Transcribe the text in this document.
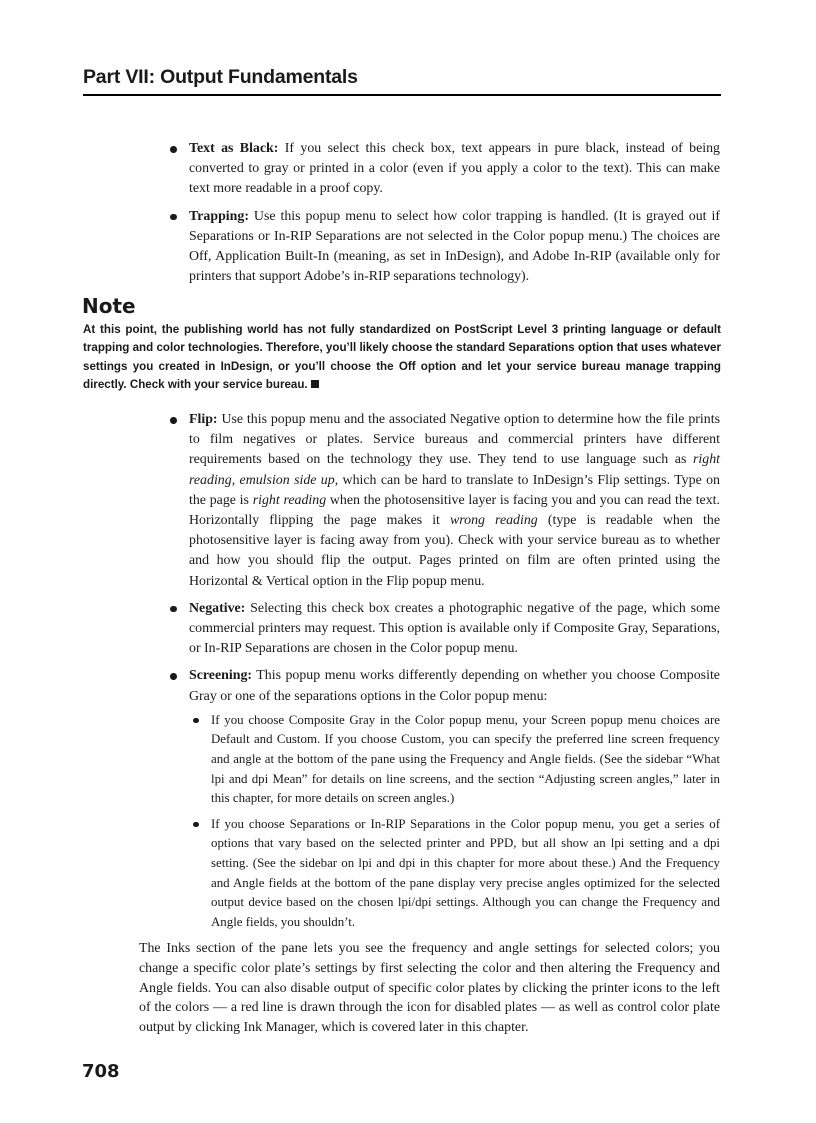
Part VII: Output Fundamentals
Text as Black: If you select this check box, text appears in pure black, instead of being converted to gray or printed in a color (even if you apply a color to the text). This can make text more readable in a proof copy.
Trapping: Use this popup menu to select how color trapping is handled. (It is grayed out if Separations or In-RIP Separations are not selected in the Color popup menu.) The choices are Off, Application Built-In (meaning, as set in InDesign), and Adobe In-RIP (available only for printers that support Adobe’s in-RIP separations technology).
Note

At this point, the publishing world has not fully standardized on PostScript Level 3 printing language or default trapping and color technologies. Therefore, you’ll likely choose the standard Separations option that uses whatever settings you created in InDesign, or you’ll choose the Off option and let your service bureau manage trapping directly. Check with your service bureau.

Flip: Use this popup menu and the associated Negative option to determine how the file prints to film negatives or plates. Service bureaus and commercial printers have different requirements based on the technology they use. They tend to use language such as right reading, emulsion side up, which can be hard to translate to InDesign’s Flip settings. Type on the page is right reading when the photosensitive layer is facing you and you can read the text. Horizontally flipping the page makes it wrong reading (type is readable when the photosensitive layer is facing away from you). Check with your service bureau as to whether and how you should flip the output. Pages printed on film are often printed using the Horizontal & Vertical option in the Flip popup menu.
Negative: Selecting this check box creates a photographic negative of the page, which some commercial printers may request. This option is available only if Composite Gray, Separations, or In-RIP Separations are chosen in the Color popup menu.
Screening: This popup menu works differently depending on whether you choose Composite Gray or one of the separations options in the Color popup menu:
If you choose Composite Gray in the Color popup menu, your Screen popup menu choices are Default and Custom. If you choose Custom, you can specify the preferred line screen frequency and angle at the bottom of the pane using the Frequency and Angle fields. (See the sidebar “What lpi and dpi Mean” for details on line screens, and the section “Adjusting screen angles,” later in this chapter, for more details on screen angles.)
If you choose Separations or In-RIP Separations in the Color popup menu, you get a series of options that vary based on the selected printer and PPD, but all show an lpi setting and a dpi setting. (See the sidebar on lpi and dpi in this chapter for more about these.) And the Frequency and Angle fields at the bottom of the pane display very precise angles optimized for the selected output device based on the chosen lpi/dpi settings. Although you can change the Frequency and Angle fields, you shouldn’t.

The Inks section of the pane lets you see the frequency and angle settings for selected colors; you change a specific color plate’s settings by first selecting the color and then altering the Frequency and Angle fields. You can also disable output of specific color plates by clicking the printer icons to the left of the colors — a red line is drawn through the icon for disabled plates — as well as control color plate output by clicking Ink Manager, which is covered later in this chapter.

708
